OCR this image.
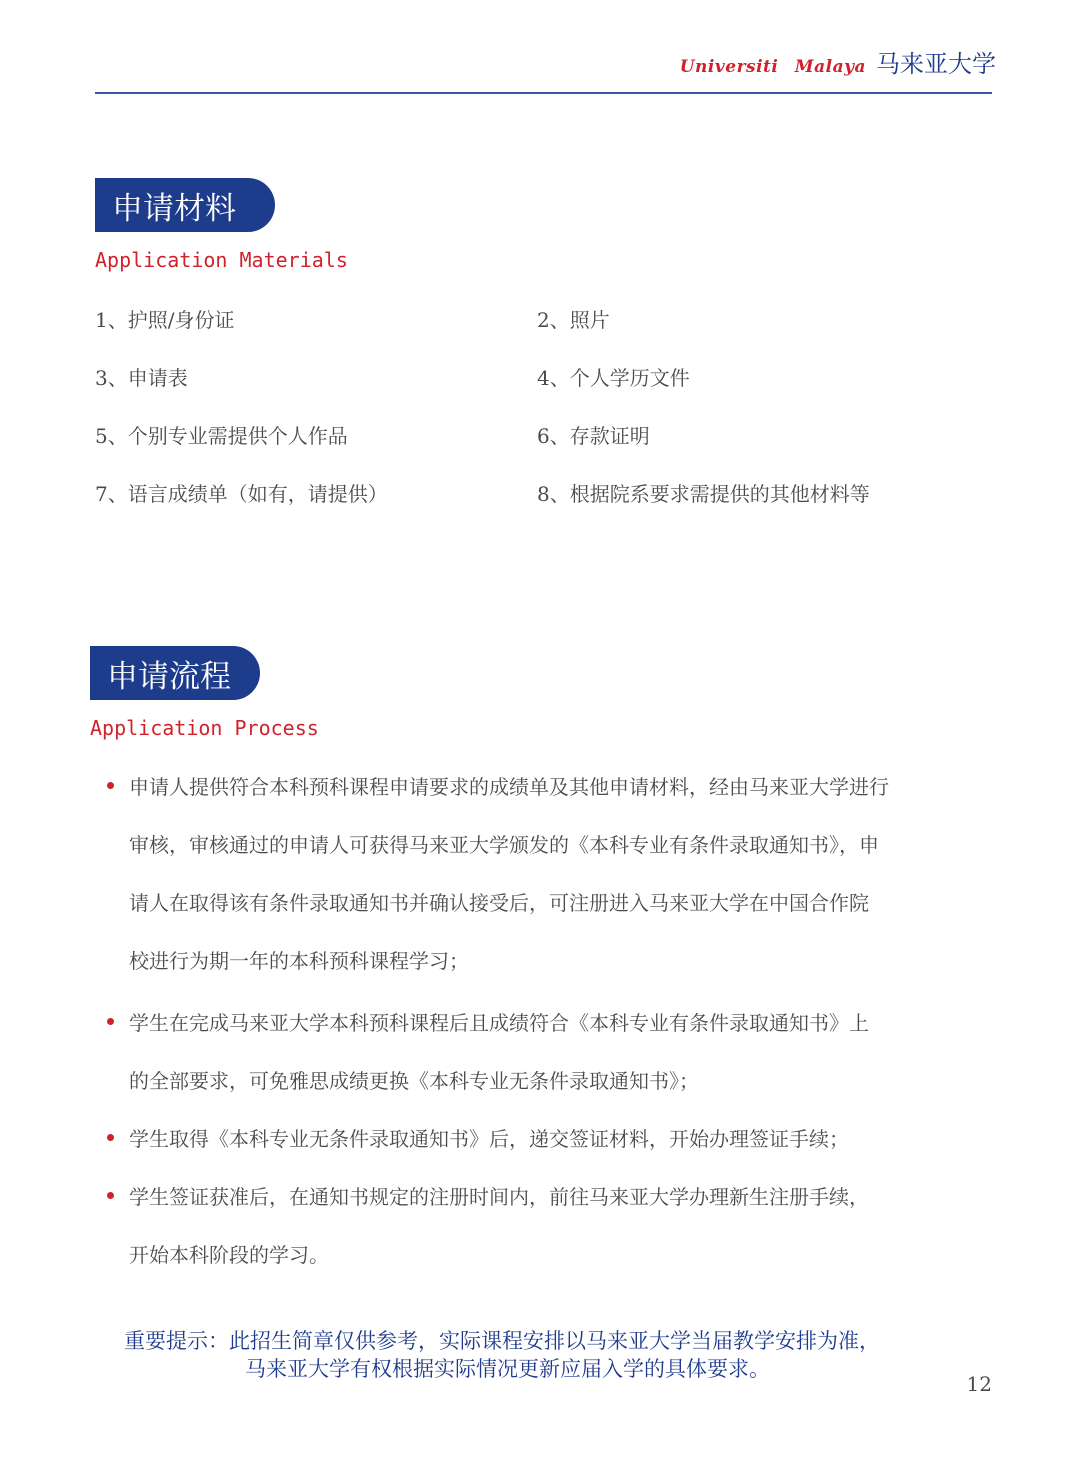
Universiti Malaya 马来亚大学
申请材料
Application Materials
1、护照/身份证	2、照片
3、申请表	4、个人学历文件
5、个别专业需提供个人作品	6、存款证明
7、语言成绩单（如有，请提供）	8、根据院系要求需提供的其他材料等
申请流程
Application Process
申请人提供符合本科预科课程申请要求的成绩单及其他申请材料，经由马来亚大学进行
审核，审核通过的申请人可获得马来亚大学颁发的《本科专业有条件录取通知书》，申
请人在取得该有条件录取通知书并确认接受后，可注册进入马来亚大学在中国合作院
校进行为期一年的本科预科课程学习；
学生在完成马来亚大学本科预科课程后且成绩符合《本科专业有条件录取通知书》上
的全部要求，可免雅思成绩更换《本科专业无条件录取通知书》；
学生取得《本科专业无条件录取通知书》后，递交签证材料，开始办理签证手续；
学生签证获准后，在通知书规定的注册时间内，前往马来亚大学办理新生注册手续，
开始本科阶段的学习。
重要提示：此招生简章仅供参考，实际课程安排以马来亚大学当届教学安排为准，
马来亚大学有权根据实际情况更新应届入学的具体要求。
12
